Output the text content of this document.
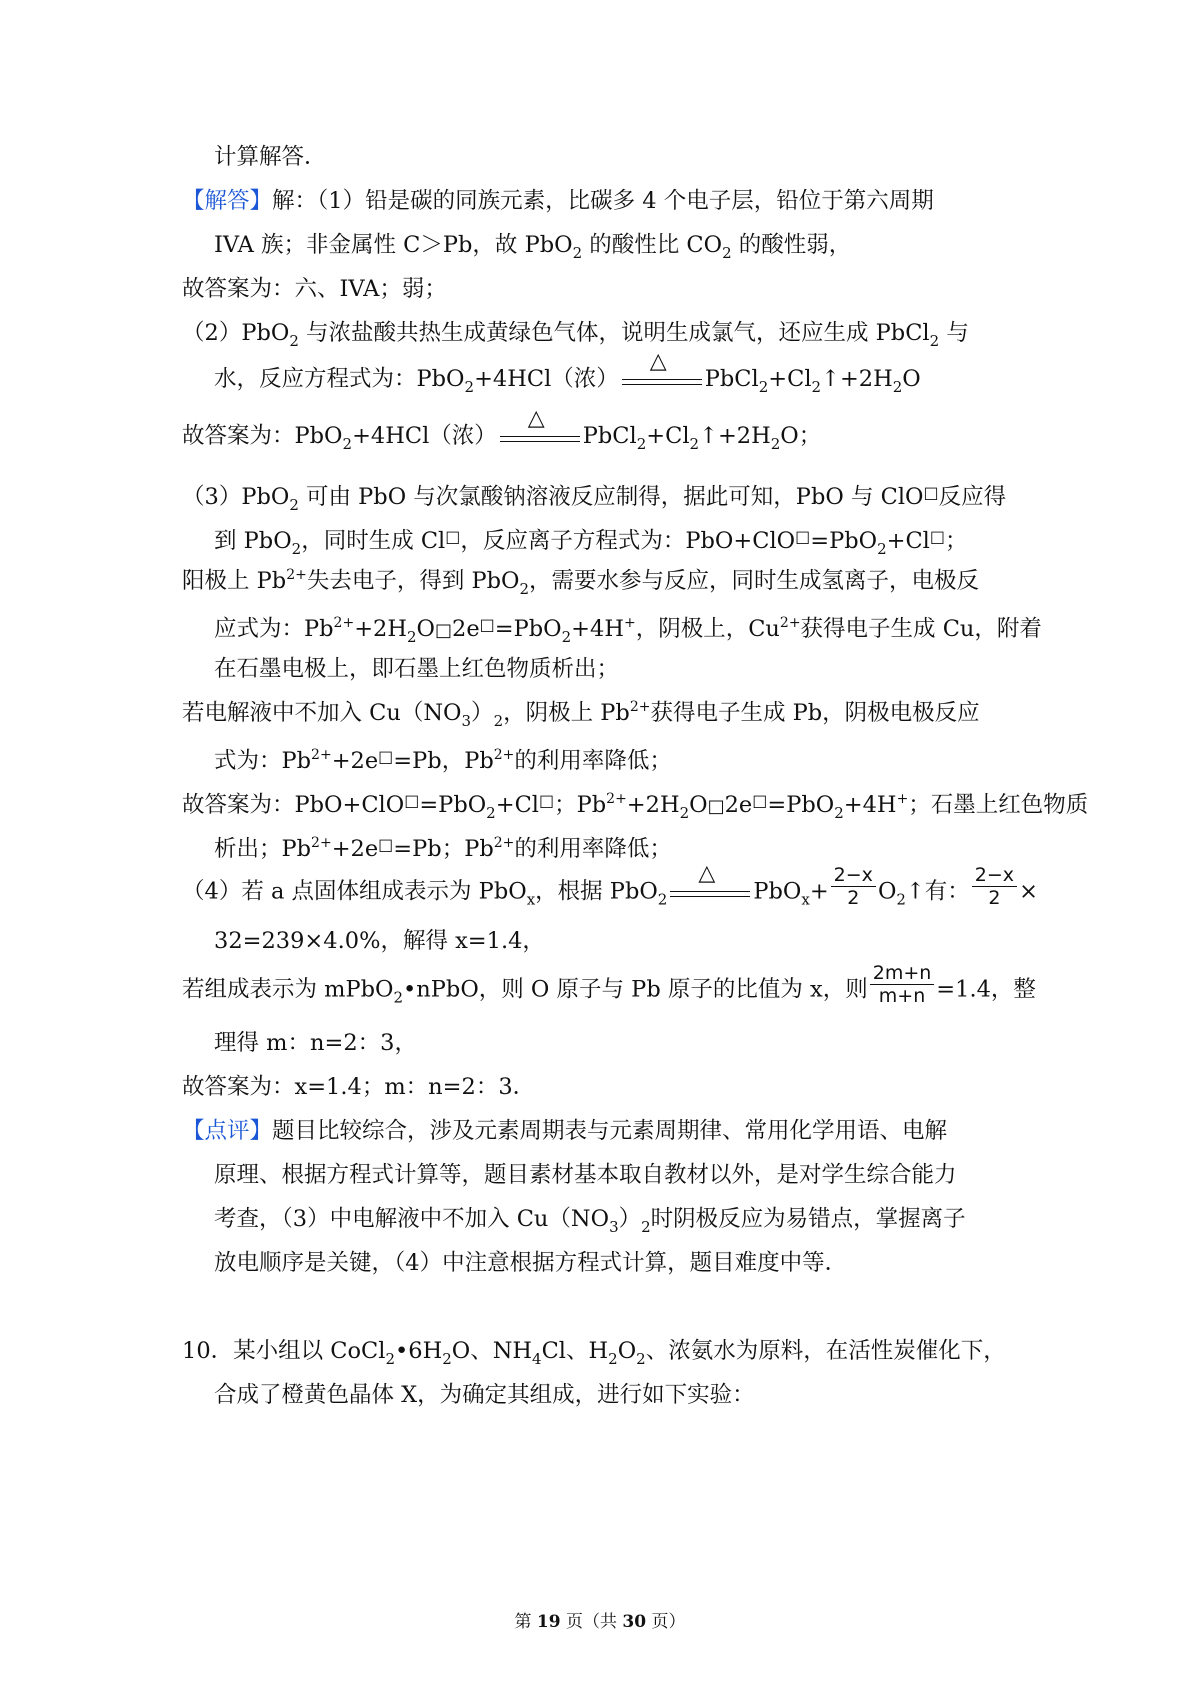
计算解答．
【解答】解：（1）铅是碳的同族元素，比碳多 4 个电子层，铅位于第六周期
IVA 族；非金属性 C＞Pb，故 PbO$_2$ 的酸性比 $CO_2$ 的酸性弱，
故答案为：六、IVA；弱；
（2）PbO$_2$ 与浓盐酸共热生成黄绿色气体，说明生成氯气，还应生成 PbCl$_2$ 与
水，反应方程式为：PbO$_2$+4HCl（浓）
△
$PbCl_2+Cl_2↑+2H_2O$
故答案为：PbO$_2$+4HCl（浓）
△
$PbCl_2+Cl_2↑+2H_2O$；
（3）PbO$_2$ 可由 PbO 与次氯酸钠溶液反应制得，据此可知，PbO 与 ClO□反应得
到 PbO$_2$，同时生成 Cl□，反应离子方程式为：PbO+ClO□=PbO$_2$+Cl□；
阳极上 $Pb^{2+}$失去电子，得到 PbO$_2$，需要水参与反应，同时生成氢离子，电极反
应式为：$Pb^{2+}+2H_2O□2e^□=PbO_2+4H^+$，阴极上，$Cu^{2+}$获得电子生成 Cu，附着
在石墨电极上，即石墨上红色物质析出；
若电解液中不加入 $Cu(NO_3)_2$，阴极上 $Pb^{2+}$获得电子生成 Pb，阴极电极反应
式为：$Pb^{2+}+2e^□=Pb$，$Pb^{2+}$的利用率降低；
故答案为：PbO+ClO□=PbO$_2$+Cl□；$Pb^{2+}+2H_2O□2e^□=PbO_2+4H^+$；石墨上红色物质
析出；$Pb^{2+}+2e^□=Pb$；$Pb^{2+}$的利用率降低；
（4）若 a 点固体组成表示为 PbO$_x$，根据 PbO$_2$
△
$PbO_x+ \frac{2-x}{2}$ $O_2↑$有： $\frac{2-x}{2}$ ×
32=239×4.0%，解得 x=1.4，
若组成表示为 mPbO$_2$•nPbO，则 O 原子与 Pb 原子的比值为 x，则 $\frac{2m+n}{m+n} =1.4$，整
理得 m：n=2：3，
故答案为：x=1.4；m：n=2：3．
【点评】题目比较综合，涉及元素周期表与元素周期律、常用化学用语、电解
原理、根据方程式计算等，题目素材基本取自教材以外，是对学生综合能力
考查，（3）中电解液中不加入 $Cu(NO_3)_2$时阴极反应为易错点，掌握离子
放电顺序是关键，（4）中注意根据方程式计算，题目难度中等．
10．某小组以 $CoCl_2•6H_2O$、$NH_4Cl$、$H_2O_2$、浓氨水为原料，在活性炭催化下，
合成了橙黄色晶体 X，为确定其组成，进行如下实验：
第 19 页（共 30 页）
